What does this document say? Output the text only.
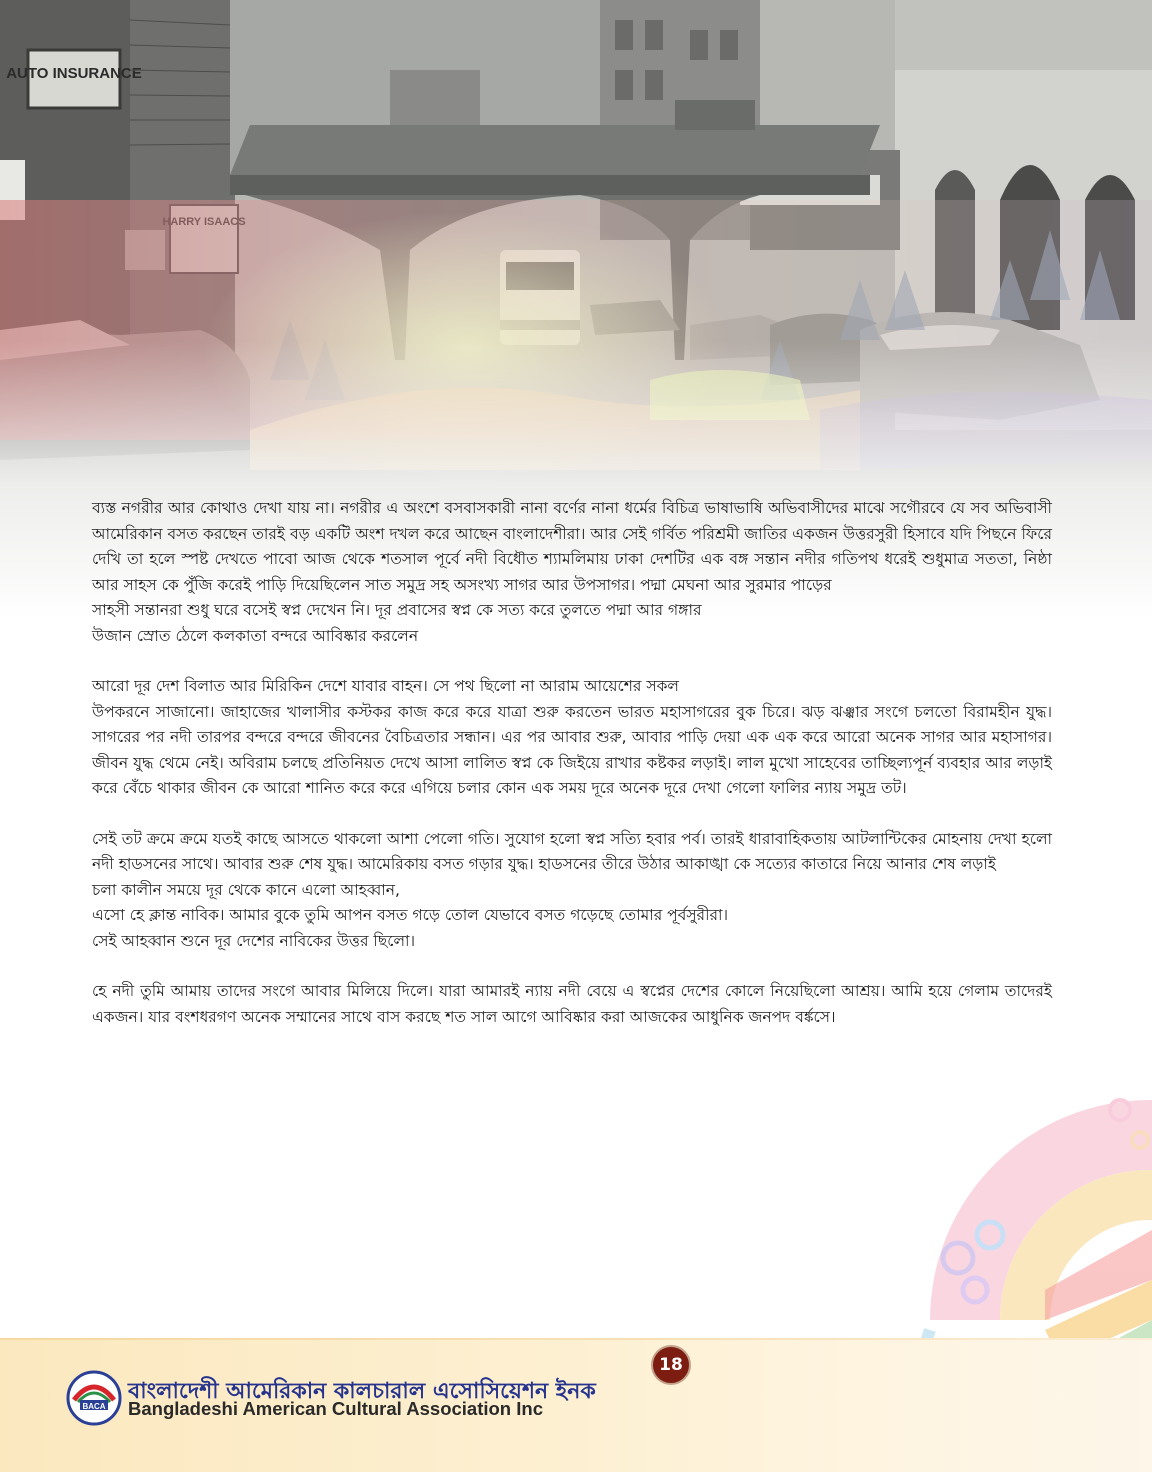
ব্যস্ত নগরীর আর কোথাও দেখা যায় না। নগরীর এ অংশে বসবাসকারী নানা বর্ণের নানা ধর্মের বিচিত্র ভাষাভাষি অভিবাসীদের মাঝে সগৌরবে যে সব অভিবাসী আমেরিকান বসত করছেন তারই বড় একটি অংশ দখল করে আছেন বাংলাদেশীরা। আর সেই গর্বিত পরিশ্রমী জাতির একজন উত্তরসুরী হিসাবে যদি পিছনে ফিরে দেখি তা হলে স্পষ্ট দেখতে পাবো আজ থেকে শতসাল পূর্বে নদী বিধৌত শ্যামলিমায় ঢাকা দেশটির এক বঙ্গ সন্তান নদীর গতিপথ ধরেই শুধুমাত্র সততা, নিষ্ঠা আর সাহস কে পুঁজি করেই পাড়ি দিয়েছিলেন সাত সমুদ্র সহ অসংখ্য সাগর আর উপসাগর। পদ্মা মেঘনা আর সুরমার পাড়ের
সাহসী সন্তানরা শুধু ঘরে বসেই স্বপ্ন দেখেন নি। দূর প্রবাসের স্বপ্ন কে সত্য করে তুলতে পদ্মা আর গঙ্গার
উজান স্রোত ঠেলে কলকাতা বন্দরে আবিষ্কার করলেন

আরো দূর দেশ বিলাত আর মিরিকিন দেশে যাবার বাহন। সে পথ ছিলো না আরাম আয়েশের সকল
উপকরনে সাজানো। জাহাজের খালাসীর কস্টকর কাজ করে করে যাত্রা শুরু করতেন ভারত মহাসাগরের বুক চিরে। ঝড় ঝঞ্ঝার সংগে চলতো বিরামহীন যুদ্ধ। সাগরের পর নদী তারপর বন্দরে বন্দরে জীবনের বৈচিত্রতার সন্ধান। এর পর আবার শুরু, আবার পাড়ি দেয়া এক এক করে আরো অনেক সাগর আর মহাসাগর। জীবন যুদ্ধ থেমে নেই। অবিরাম চলছে প্রতিনিয়ত দেখে আসা লালিত স্বপ্ন কে জিইয়ে রাখার কষ্টকর লড়াই। লাল মুখো সাহেবের তাচ্ছিল্যপূর্ন ব্যবহার আর লড়াই করে বেঁচে থাকার জীবন কে আরো শানিত করে করে এগিয়ে চলার কোন এক সময় দূরে অনেক দূরে দেখা গেলো ফালির ন্যায় সমুদ্র তট।

সেই তট ক্রমে ক্রমে যতই কাছে আসতে থাকলো আশা পেলো গতি। সুযোগ হলো স্বপ্ন সত্যি হবার পর্ব। তারই ধারাবাহিকতায় আটলান্টিকের মোহনায় দেখা হলো নদী হাডসনের সাথে। আবার শুরু শেষ যুদ্ধ। আমেরিকায় বসত গড়ার যুদ্ধ। হাডসনের তীরে উঠার আকাঙ্খা কে সত্যের কাতারে নিয়ে আনার শেষ লড়াই
চলা কালীন সময়ে দূর থেকে কানে এলো আহব্বান,
এসো হে ক্লান্ত নাবিক। আমার বুকে তুমি আপন বসত গড়ে তোল যেভাবে বসত গড়েছে তোমার পূর্বসুরীরা।
সেই আহব্বান শুনে দূর দেশের নাবিকের উত্তর ছিলো।

হে নদী তুমি আমায় তাদের সংগে আবার মিলিয়ে দিলে। যারা আমারই ন্যায় নদী বেয়ে এ স্বপ্নের দেশের কোলে নিয়েছিলো আশ্রয়। আমি হয়ে গেলাম তাদেরই একজন। যার বংশধরগণ অনেক সম্মানের সাথে বাস করছে শত সাল আগে আবিষ্কার করা আজকের আধুনিক জনপদ বর্ঙ্কসে।

18
BACA
বাংলাদেশী আমেরিকান কালচারাল এসোসিয়েশন ইনক
Bangladeshi American Cultural Association Inc
